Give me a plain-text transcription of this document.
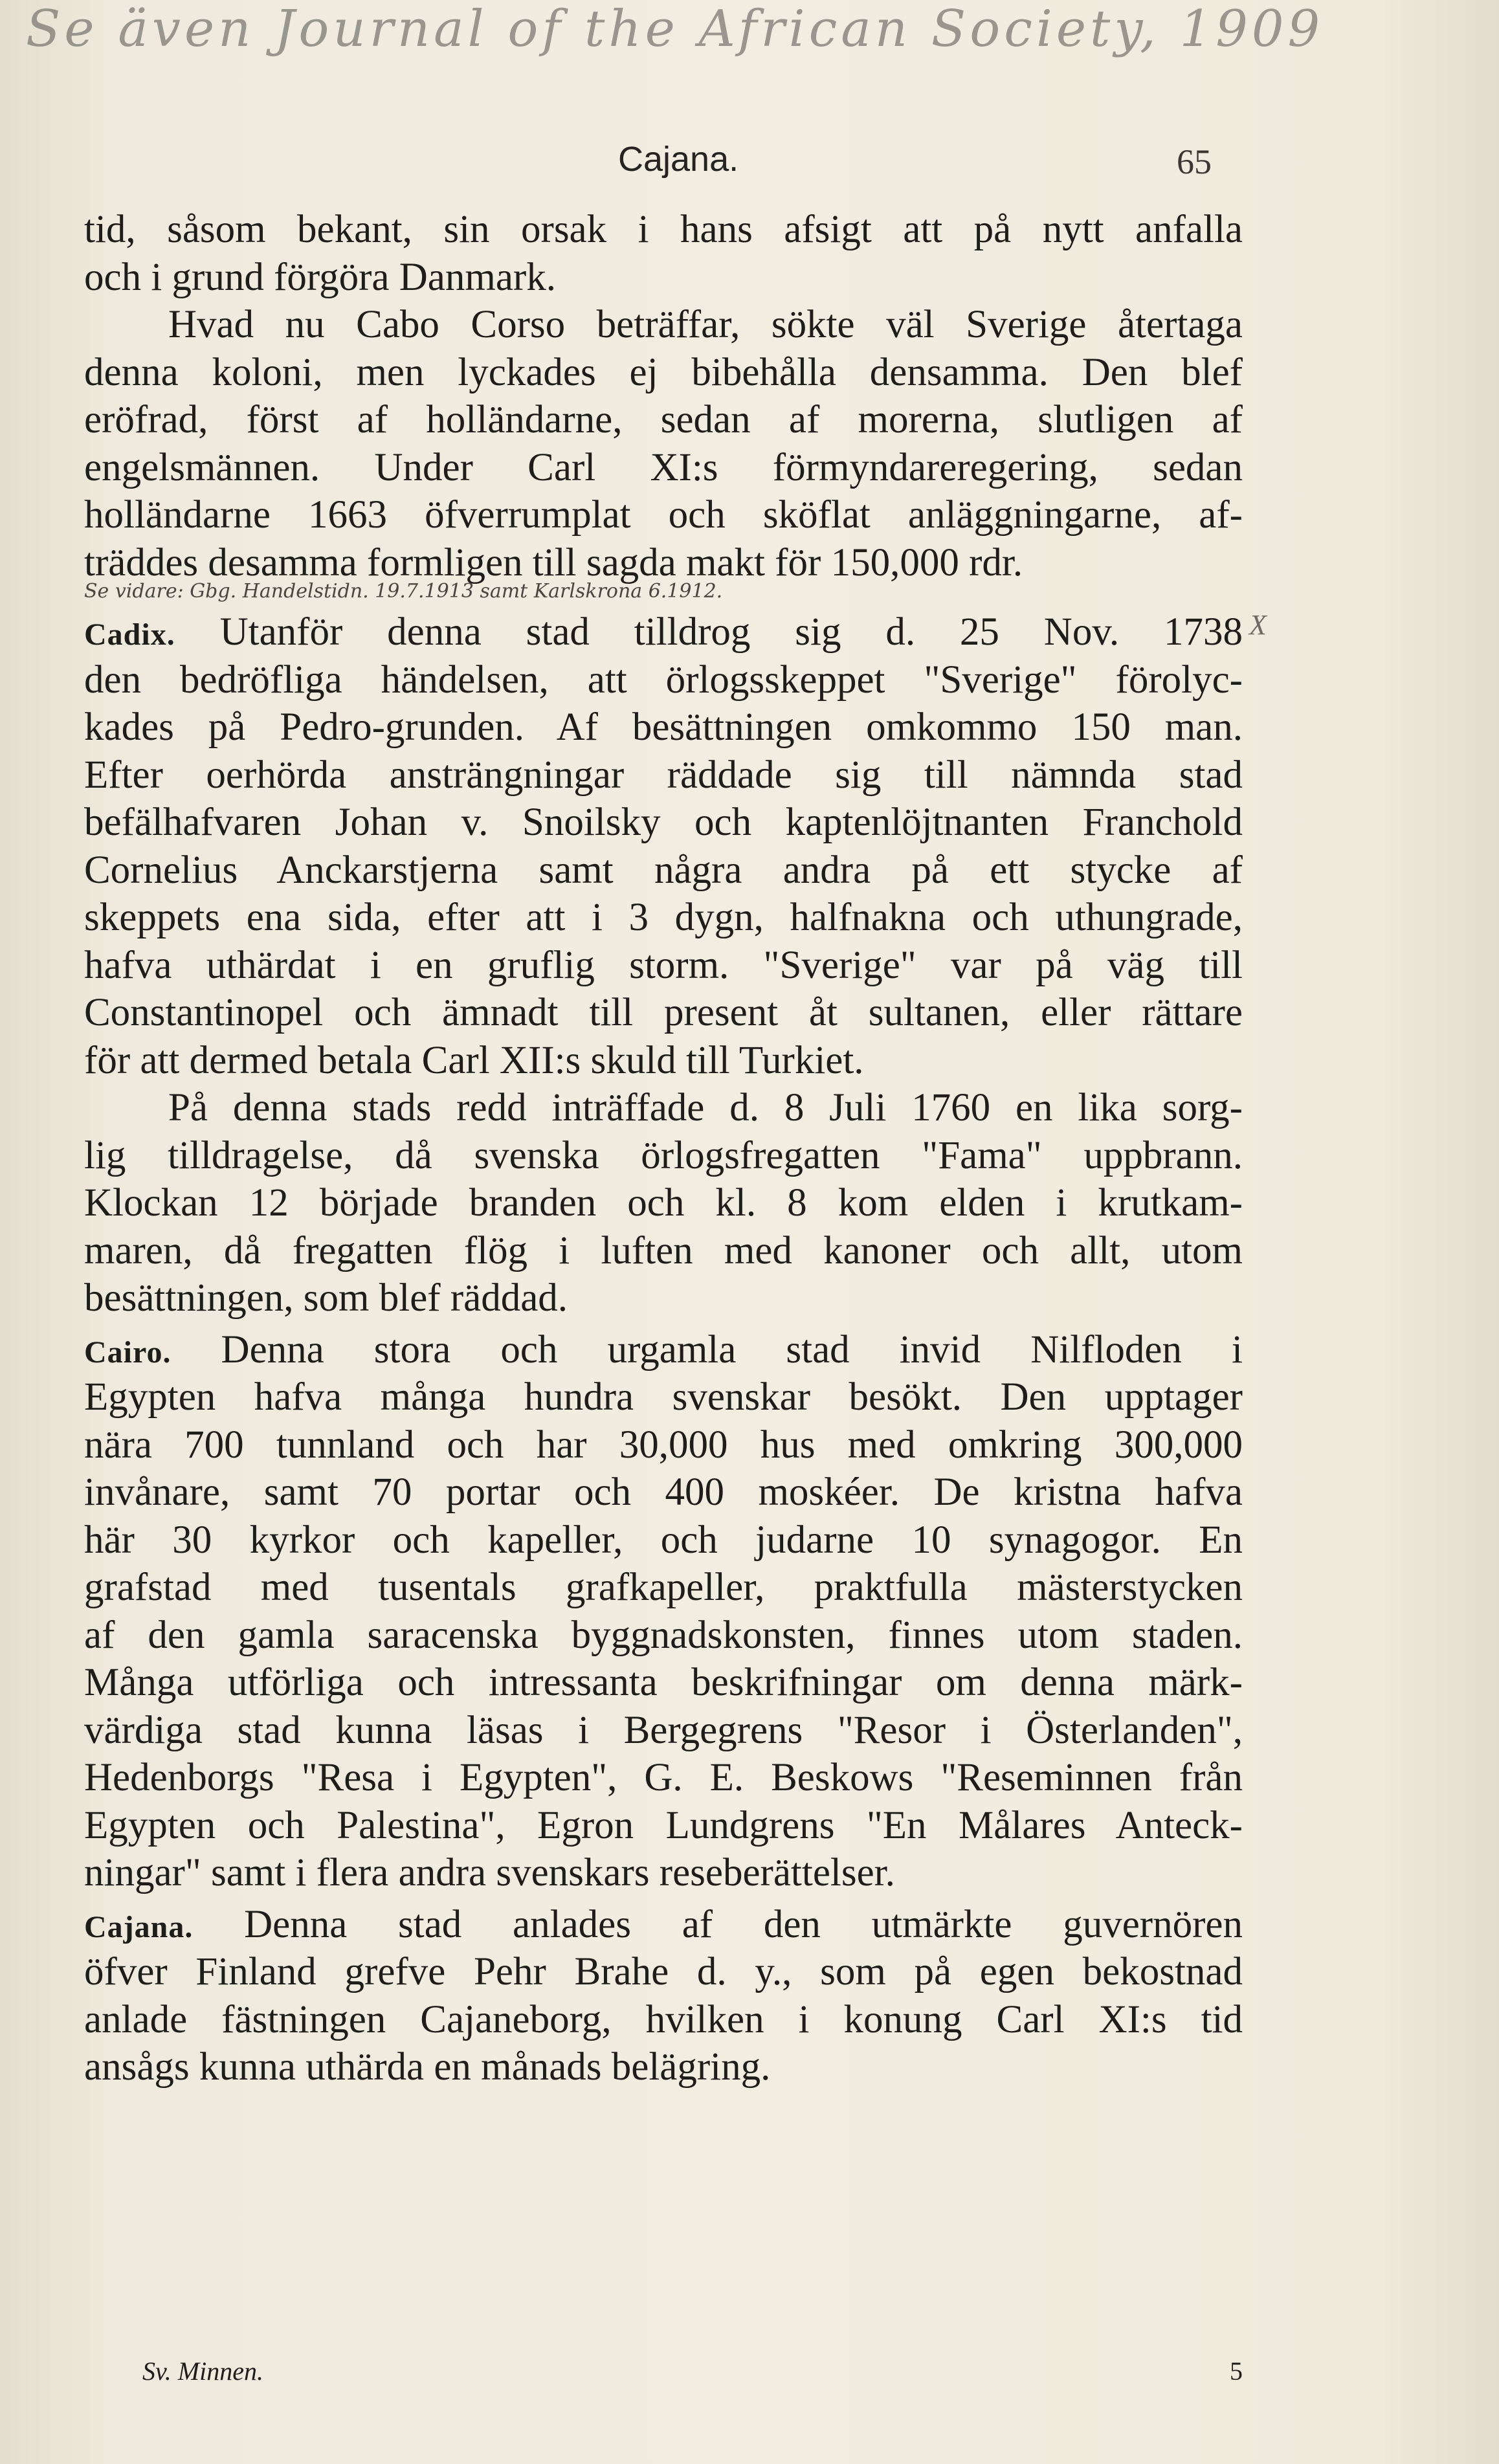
Se även Journal of the African Society, 1909
Cajana.	65
X
tid, såsom bekant, sin orsak i hans afsigt att på nytt anfalla
och i grund förgöra Danmark.
Hvad nu Cabo Corso beträffar, sökte väl Sverige återtaga
denna koloni, men lyckades ej bibehålla densamma. Den blef
eröfrad, först af holländarne, sedan af morerna, slutligen af
engelsmännen. Under Carl XI:s förmyndareregering, sedan
holländarne 1663 öfverrumplat och sköflat anläggningarne, af-
träddes desamma formligen till sagda makt för 150,000 rdr.
Se vidare: Gbg. Handelstidn. 19.7.1913 samt Karlskrona 6.1912.
Cadix. Utanför denna stad tilldrog sig d. 25 Nov. 1738
den bedröfliga händelsen, att örlogsskeppet "Sverige" förolyc-
kades på Pedro-grunden. Af besättningen omkommo 150 man.
Efter oerhörda ansträngningar räddade sig till nämnda stad
befälhafvaren Johan v. Snoilsky och kaptenlöjtnanten Franchold
Cornelius Anckarstjerna samt några andra på ett stycke af
skeppets ena sida, efter att i 3 dygn, halfnakna och uthungrade,
hafva uthärdat i en gruflig storm. "Sverige" var på väg till
Constantinopel och ämnadt till present åt sultanen, eller rättare
för att dermed betala Carl XII:s skuld till Turkiet.
På denna stads redd inträffade d. 8 Juli 1760 en lika sorg-
lig tilldragelse, då svenska örlogsfregatten "Fama" uppbrann.
Klockan 12 började branden och kl. 8 kom elden i krutkam-
maren, då fregatten flög i luften med kanoner och allt, utom
besättningen, som blef räddad.
Cairo. Denna stora och urgamla stad invid Nilfloden i
Egypten hafva många hundra svenskar besökt. Den upptager
nära 700 tunnland och har 30,000 hus med omkring 300,000
invånare, samt 70 portar och 400 moskéer. De kristna hafva
här 30 kyrkor och kapeller, och judarne 10 synagogor. En
grafstad med tusentals grafkapeller, praktfulla mästerstycken
af den gamla saracenska byggnadskonsten, finnes utom staden.
Många utförliga och intressanta beskrifningar om denna märk-
värdiga stad kunna läsas i Bergegrens "Resor i Österlanden",
Hedenborgs "Resa i Egypten", G. E. Beskows "Reseminnen från
Egypten och Palestina", Egron Lundgrens "En Målares Anteck-
ningar" samt i flera andra svenskars reseberättelser.
Cajana. Denna stad anlades af den utmärkte guvernören
öfver Finland grefve Pehr Brahe d. y., som på egen bekostnad
anlade fästningen Cajaneborg, hvilken i konung Carl XI:s tid
ansågs kunna uthärda en månads belägring.
Sv. Minnen.	5
